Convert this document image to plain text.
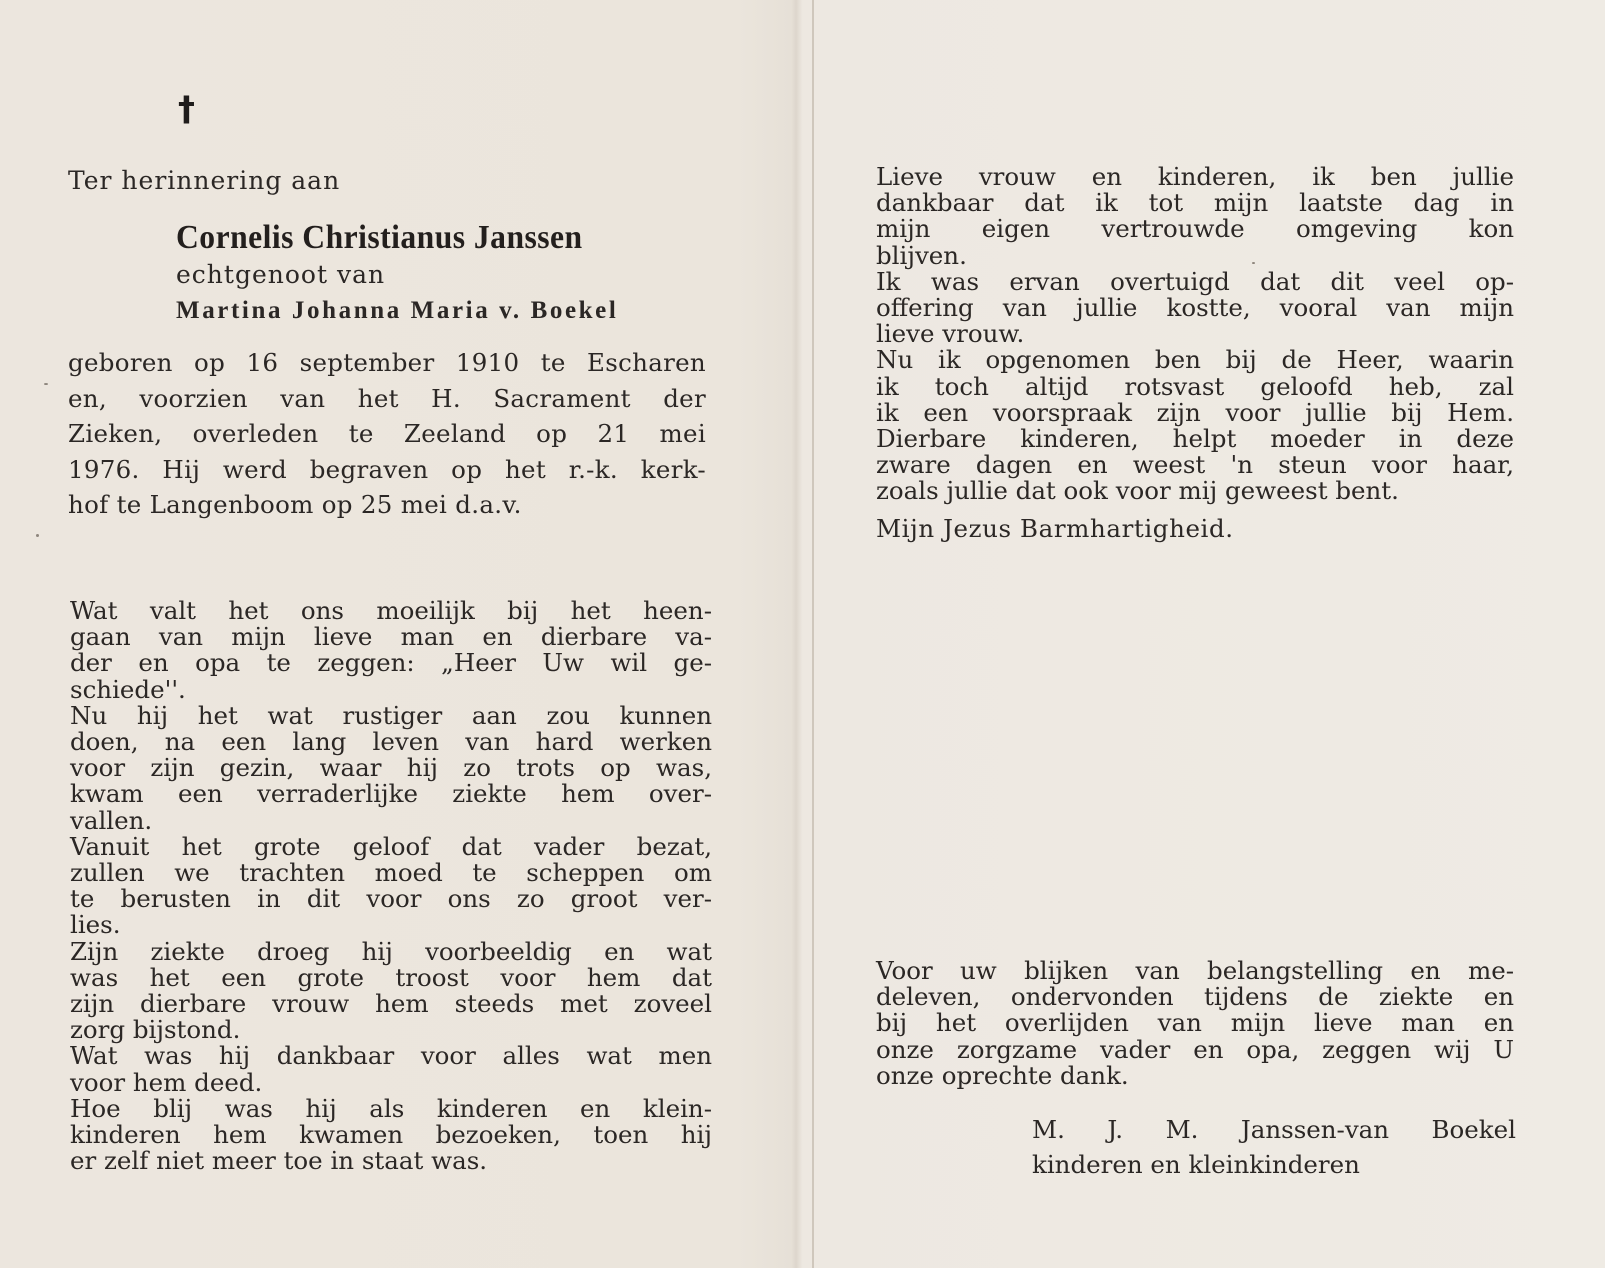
†
Ter herinnering aan
Cornelis Christianus Janssen
echtgenoot van
Martina Johanna Maria v. Boekel
geboren op 16 september 1910 te Escharen
en, voorzien van het H. Sacrament der
Zieken, overleden te Zeeland op 21 mei
1976. Hij werd begraven op het r.-k. kerk-
hof te Langenboom op 25 mei d.a.v.
Wat valt het ons moeilijk bij het heen-
gaan van mijn lieve man en dierbare va-
der en opa te zeggen: „Heer Uw wil ge-
schiede''.
Nu hij het wat rustiger aan zou kunnen
doen, na een lang leven van hard werken
voor zijn gezin, waar hij zo trots op was,
kwam een verraderlijke ziekte hem over-
vallen.
Vanuit het grote geloof dat vader bezat,
zullen we trachten moed te scheppen om
te berusten in dit voor ons zo groot ver-
lies.
Zijn ziekte droeg hij voorbeeldig en wat
was het een grote troost voor hem dat
zijn dierbare vrouw hem steeds met zoveel
zorg bijstond.
Wat was hij dankbaar voor alles wat men
voor hem deed.
Hoe blij was hij als kinderen en klein-
kinderen hem kwamen bezoeken, toen hij
er zelf niet meer toe in staat was.
Lieve vrouw en kinderen, ik ben jullie
dankbaar dat ik tot mijn laatste dag in
mijn eigen vertrouwde omgeving kon
blijven.
Ik was ervan overtuigd dat dit veel op-
offering van jullie kostte, vooral van mijn
lieve vrouw.
Nu ik opgenomen ben bij de Heer, waarin
ik toch altijd rotsvast geloofd heb, zal
ik een voorspraak zijn voor jullie bij Hem.
Dierbare kinderen, helpt moeder in deze
zware dagen en weest 'n steun voor haar,
zoals jullie dat ook voor mij geweest bent.
Mijn Jezus Barmhartigheid.
Voor uw blijken van belangstelling en me-
deleven, ondervonden tijdens de ziekte en
bij het overlijden van mijn lieve man en
onze zorgzame vader en opa, zeggen wij U
onze oprechte dank.
M. J. M. Janssen-van Boekel
kinderen en kleinkinderen
